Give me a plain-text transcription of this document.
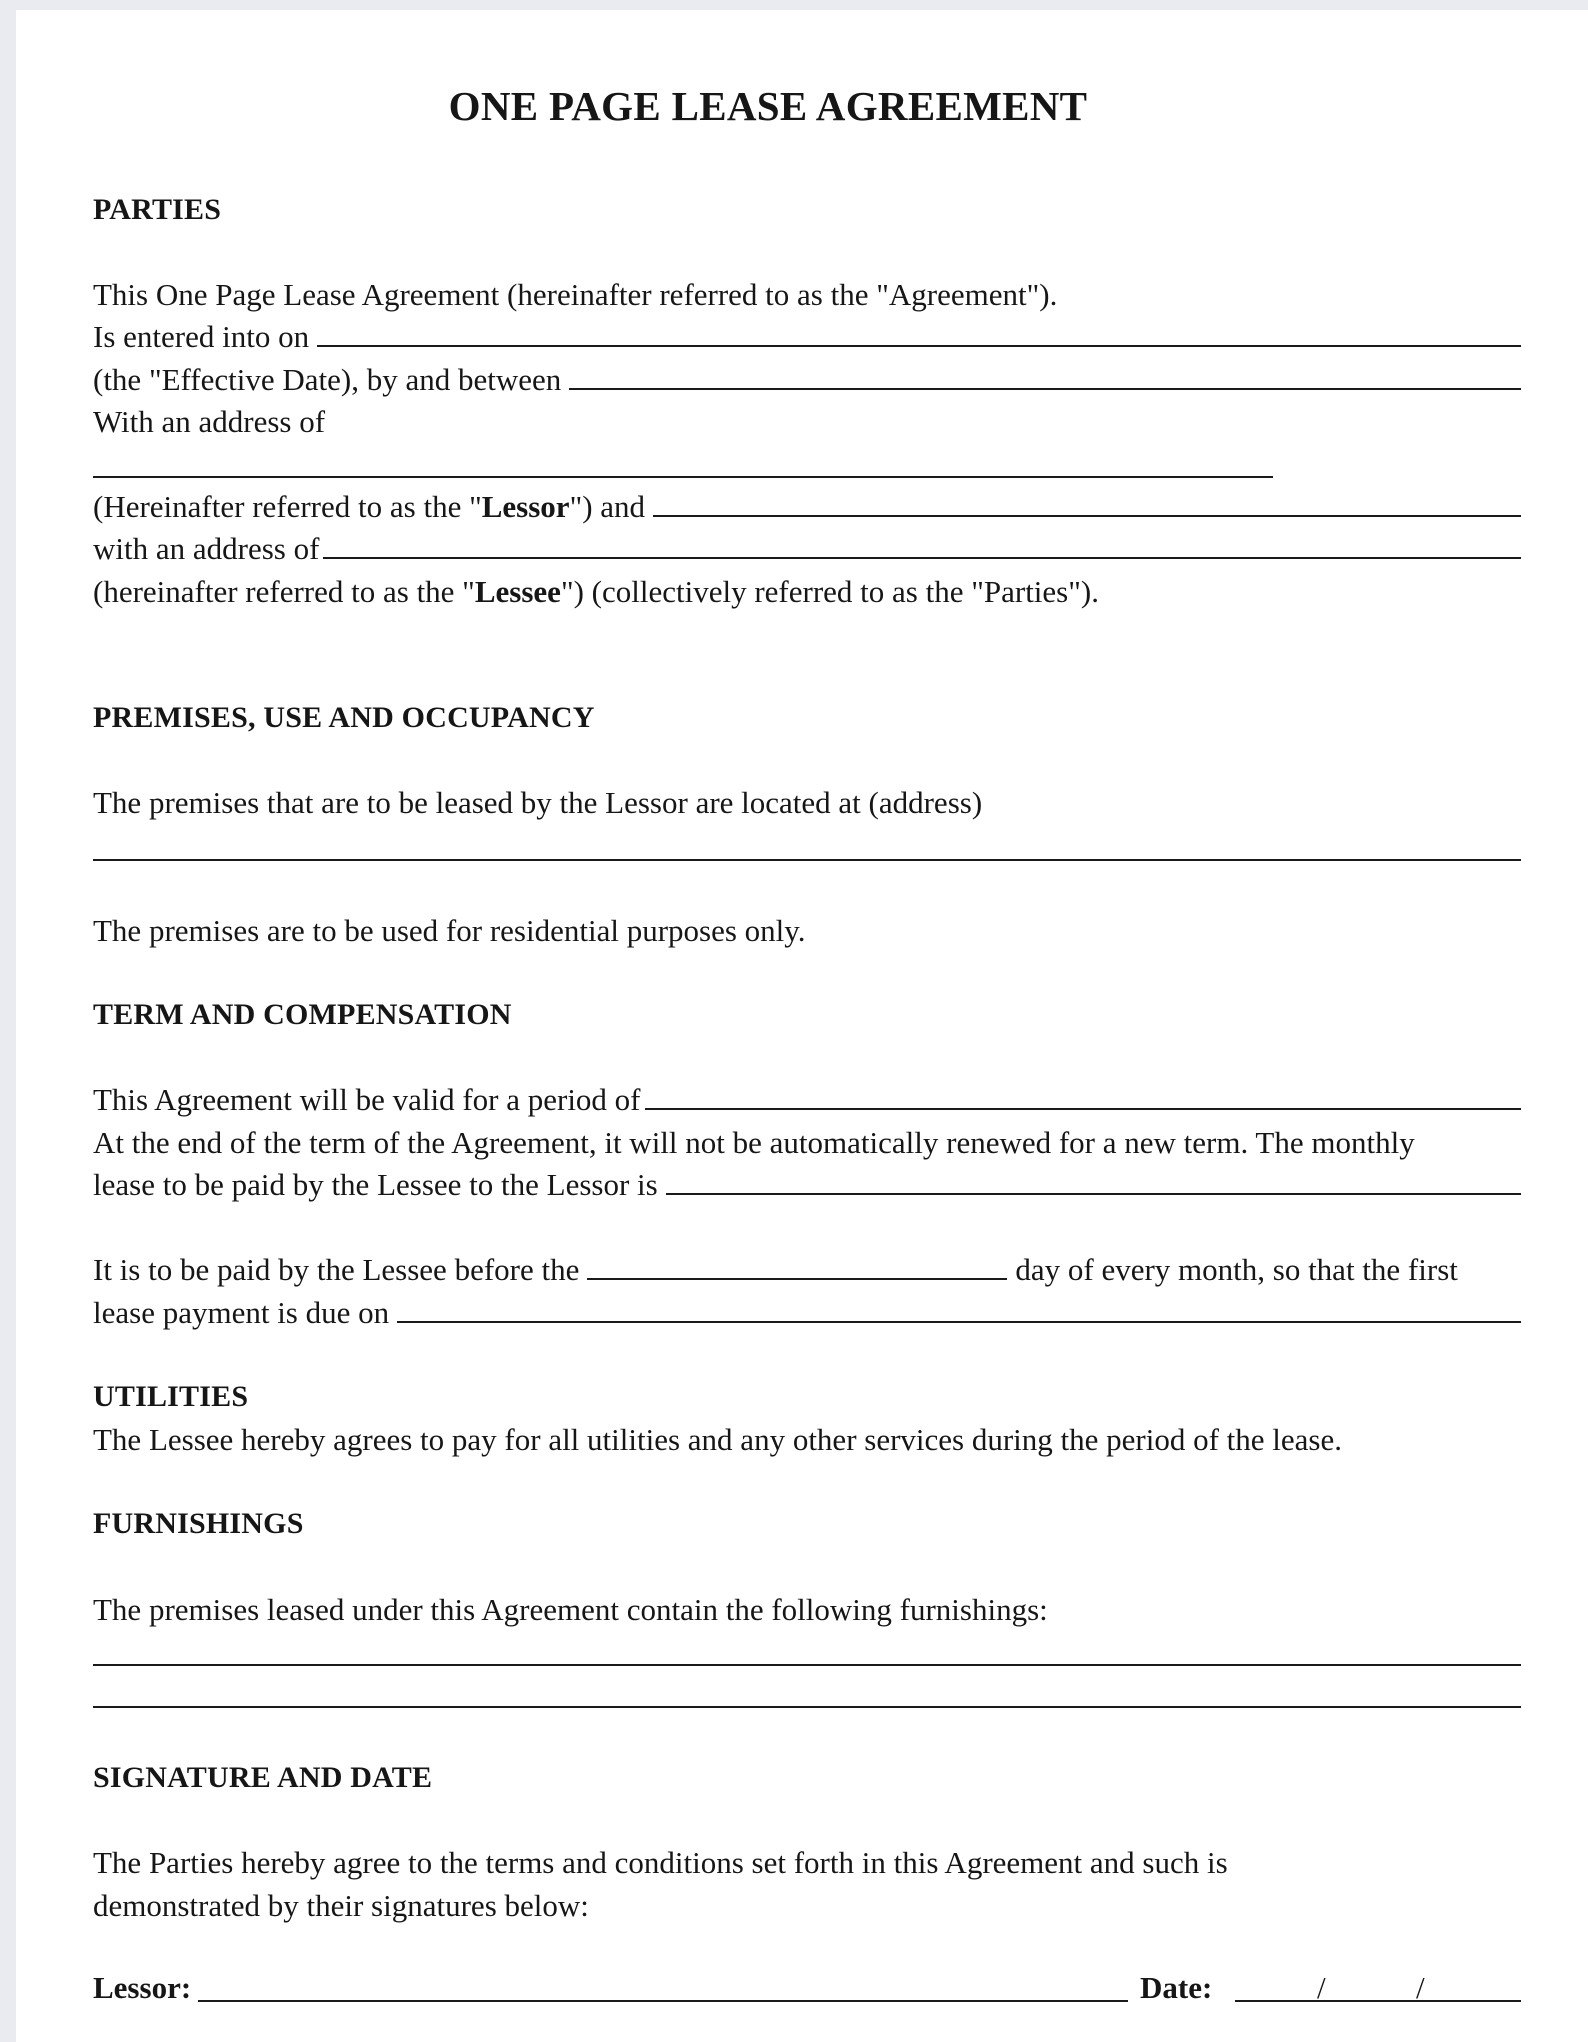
ONE PAGE LEASE AGREEMENT
PARTIES
This One Page Lease Agreement (hereinafter referred to as the "Agreement").
Is entered into on
(the "Effective Date), by and between
With an address of
(Hereinafter referred to as the "Lessor") and
with an address of
(hereinafter referred to as the "Lessee") (collectively referred to as the "Parties").
PREMISES, USE AND OCCUPANCY
The premises that are to be leased by the Lessor are located at (address)
The premises are to be used for residential purposes only.
TERM AND COMPENSATION
This Agreement will be valid for a period of
At the end of the term of the Agreement, it will not be automatically renewed for a new term. The monthly
lease to be paid by the Lessee to the Lessor is
It is to be paid by the Lessee before the	day of every month, so that the first
lease payment is due on
UTILITIES
The Lessee hereby agrees to pay for all utilities and any other services during the period of the lease.
FURNISHINGS
The premises leased under this Agreement contain the following furnishings:
SIGNATURE AND DATE
The Parties hereby agree to the terms and conditions set forth in this Agreement and such is
demonstrated by their signatures below:
Lessor:	Date:	/	/
